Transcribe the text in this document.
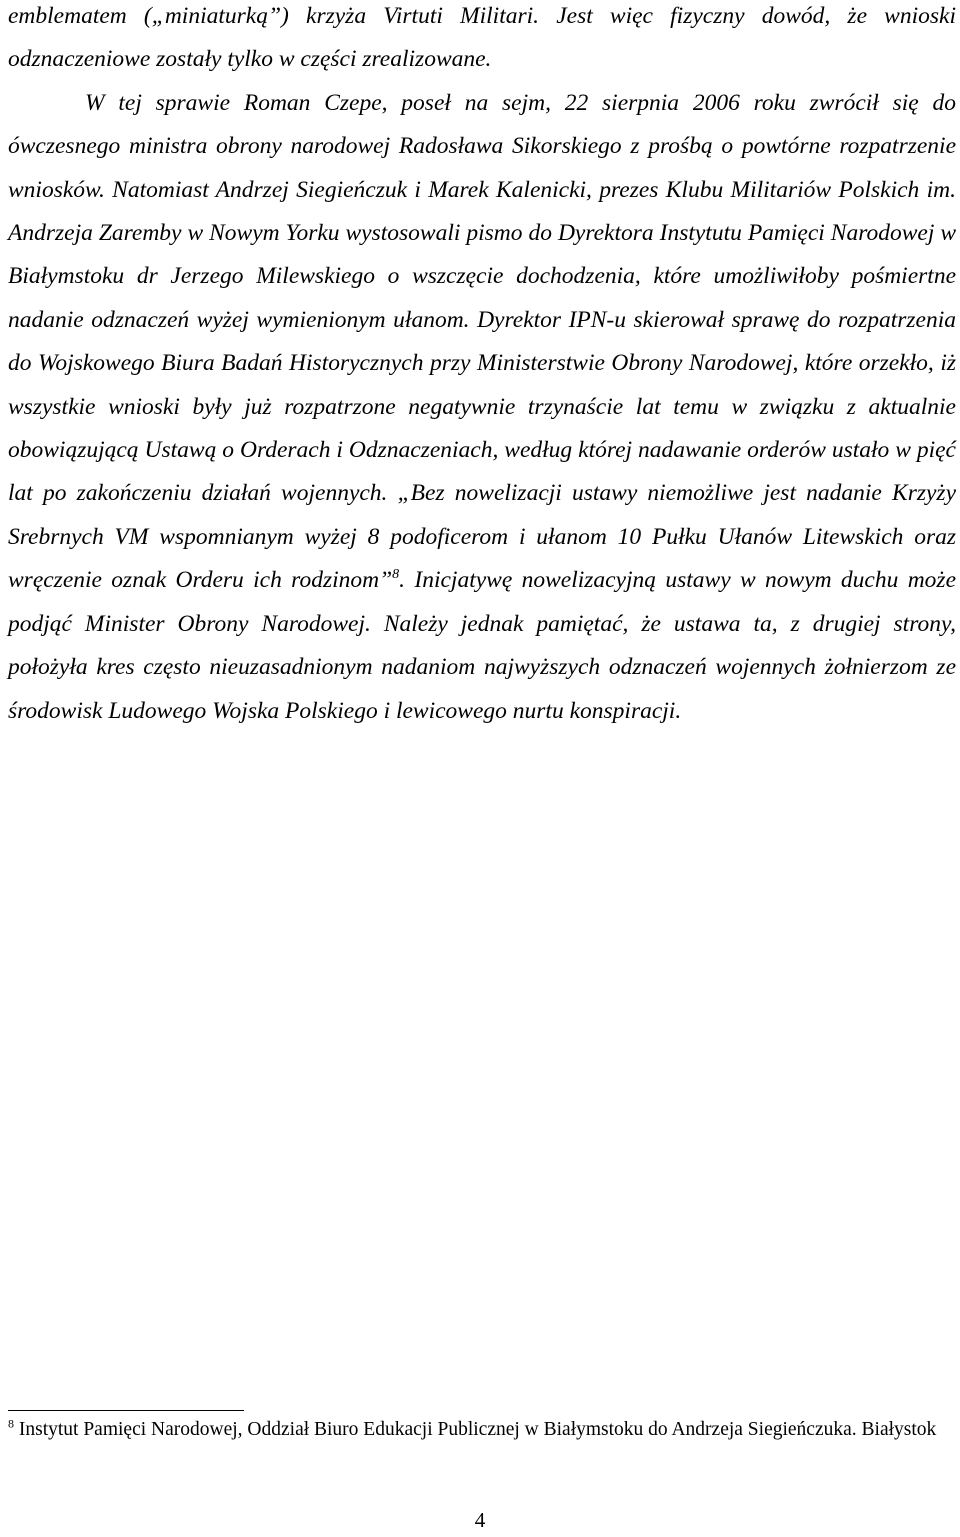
emblematem („miniaturką”) krzyża Virtuti Militari. Jest więc fizyczny dowód, że wnioski odznaczeniowe zostały tylko w części zrealizowane.

W tej sprawie Roman Czepe, poseł na sejm, 22 sierpnia 2006 roku zwrócił się do ówczesnego ministra obrony narodowej Radosława Sikorskiego z prośbą o powtórne rozpatrzenie wniosków. Natomiast Andrzej Siegieńczuk i Marek Kalenicki, prezes Klubu Militariów Polskich im. Andrzeja Zaremby w Nowym Yorku wystosowali pismo do Dyrektora Instytutu Pamięci Narodowej w Białymstoku dr Jerzego Milewskiego o wszczęcie dochodzenia, które umożliwiłoby pośmiertne nadanie odznaczeń wyżej wymienionym ułanom. Dyrektor IPN-u skierował sprawę do rozpatrzenia do Wojskowego Biura Badań Historycznych przy Ministerstwie Obrony Narodowej, które orzekło, iż wszystkie wnioski były już rozpatrzone negatywnie trzynaście lat temu w związku z aktualnie obowiązującą Ustawą o Orderach i Odznaczeniach, według której nadawanie orderów ustało w pięć lat po zakończeniu działań wojennych. „Bez nowelizacji ustawy niemożliwe jest nadanie Krzyży Srebrnych VM wspomnianym wyżej 8 podoficerom i ułanom 10 Pułku Ułanów Litewskich oraz wręczenie oznak Orderu ich rodzinom”$^8$. Inicjatywę nowelizacyjną ustawy w nowym duchu może podjąć Minister Obrony Narodowej. Należy jednak pamiętać, że ustawa ta, z drugiej strony, położyła kres często nieuzasadnionym nadaniom najwyższych odznaczeń wojennych żołnierzom ze środowisk Ludowego Wojska Polskiego i lewicowego nurtu konspiracji.

$^8$ Instytut Pamięci Narodowej, Oddział Biuro Edukacji Publicznej w Białymstoku do Andrzeja Siegieńczuka. Białystok
4
